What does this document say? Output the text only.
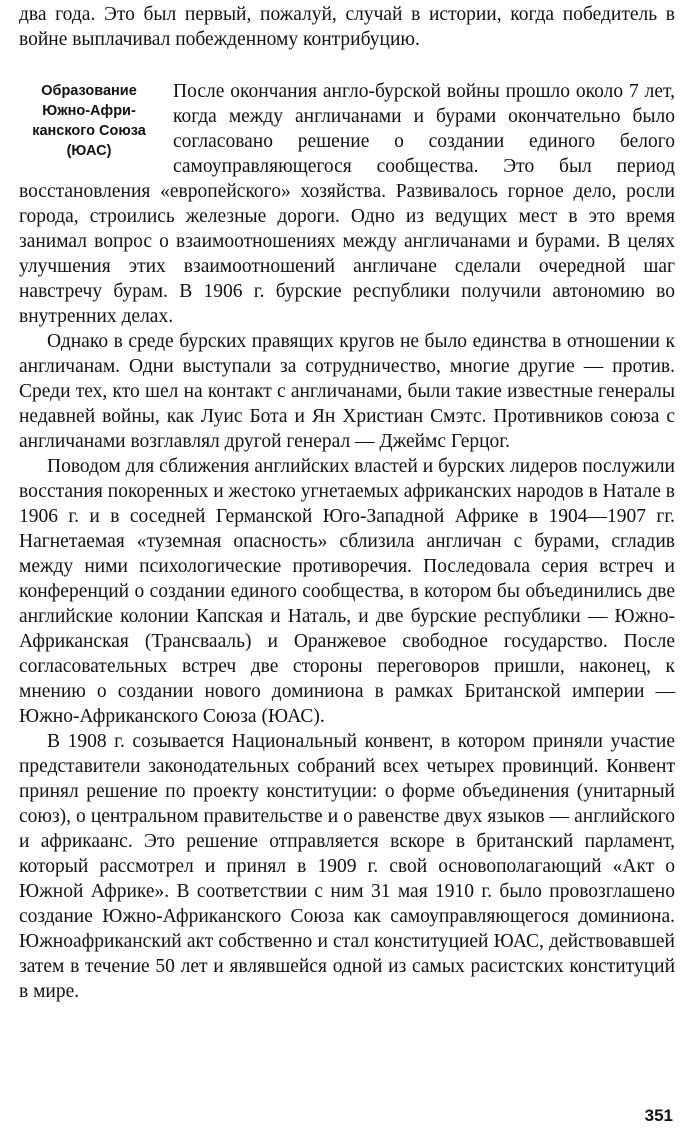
два года. Это был первый, пожалуй, случай в истории, когда победитель в войне выплачивал побежденному контрибуцию.

Образование
Южно-Афри-
канского Союза
(ЮАС)

После окончания англо-бурской войны прошло около 7 лет, когда между англичанами и бурами окончательно было согласовано решение о создании единого белого самоуправляющегося сообщества. Это был период восстановления «европейского» хозяйства. Развивалось горное дело, росли города, строились железные дороги. Одно из ведущих мест в это время занимал вопрос о взаимоотношениях между англичанами и бурами. В целях улучшения этих взаимоотношений англичане сделали очередной шаг навстречу бурам. В 1906 г. бурские республики получили автономию во внутренних делах.

Однако в среде бурских правящих кругов не было единства в отношении к англичанам. Одни выступали за сотрудничество, многие другие — против. Среди тех, кто шел на контакт с англичанами, были такие известные генералы недавней войны, как Луис Бота и Ян Христиан Смэтс. Противников союза с англичанами возглавлял другой генерал — Джеймс Герцог.

Поводом для сближения английских властей и бурских лидеров послужили восстания покоренных и жестоко угнетаемых африканских народов в Натале в 1906 г. и в соседней Германской Юго-Западной Африке в 1904—1907 гг. Нагнетаемая «туземная опасность» сблизила англичан с бурами, сгладив между ними психологические противоречия. Последовала серия встреч и конференций о создании единого сообщества, в котором бы объединились две английские колонии Капская и Наталь, и две бурские республики — Южно-Африканская (Трансвааль) и Оранжевое свободное государство. После согласовательных встреч две стороны переговоров пришли, наконец, к мнению о создании нового доминиона в рамках Британской империи — Южно-Африканского Союза (ЮАС).

В 1908 г. созывается Национальный конвент, в котором приняли участие представители законодательных собраний всех четырех провинций. Конвент принял решение по проекту конституции: о форме объединения (унитарный союз), о центральном правительстве и о равенстве двух языков — английского и африкаанс. Это решение отправляется вскоре в британский парламент, который рассмотрел и принял в 1909 г. свой основополагающий «Акт о Южной Африке». В соответствии с ним 31 мая 1910 г. было провозглашено создание Южно-Африканского Союза как самоуправляющегося доминиона. Южноафриканский акт собственно и стал конституцией ЮАС, действовавшей затем в течение 50 лет и являвшейся одной из самых расистских конституций в мире.

351
